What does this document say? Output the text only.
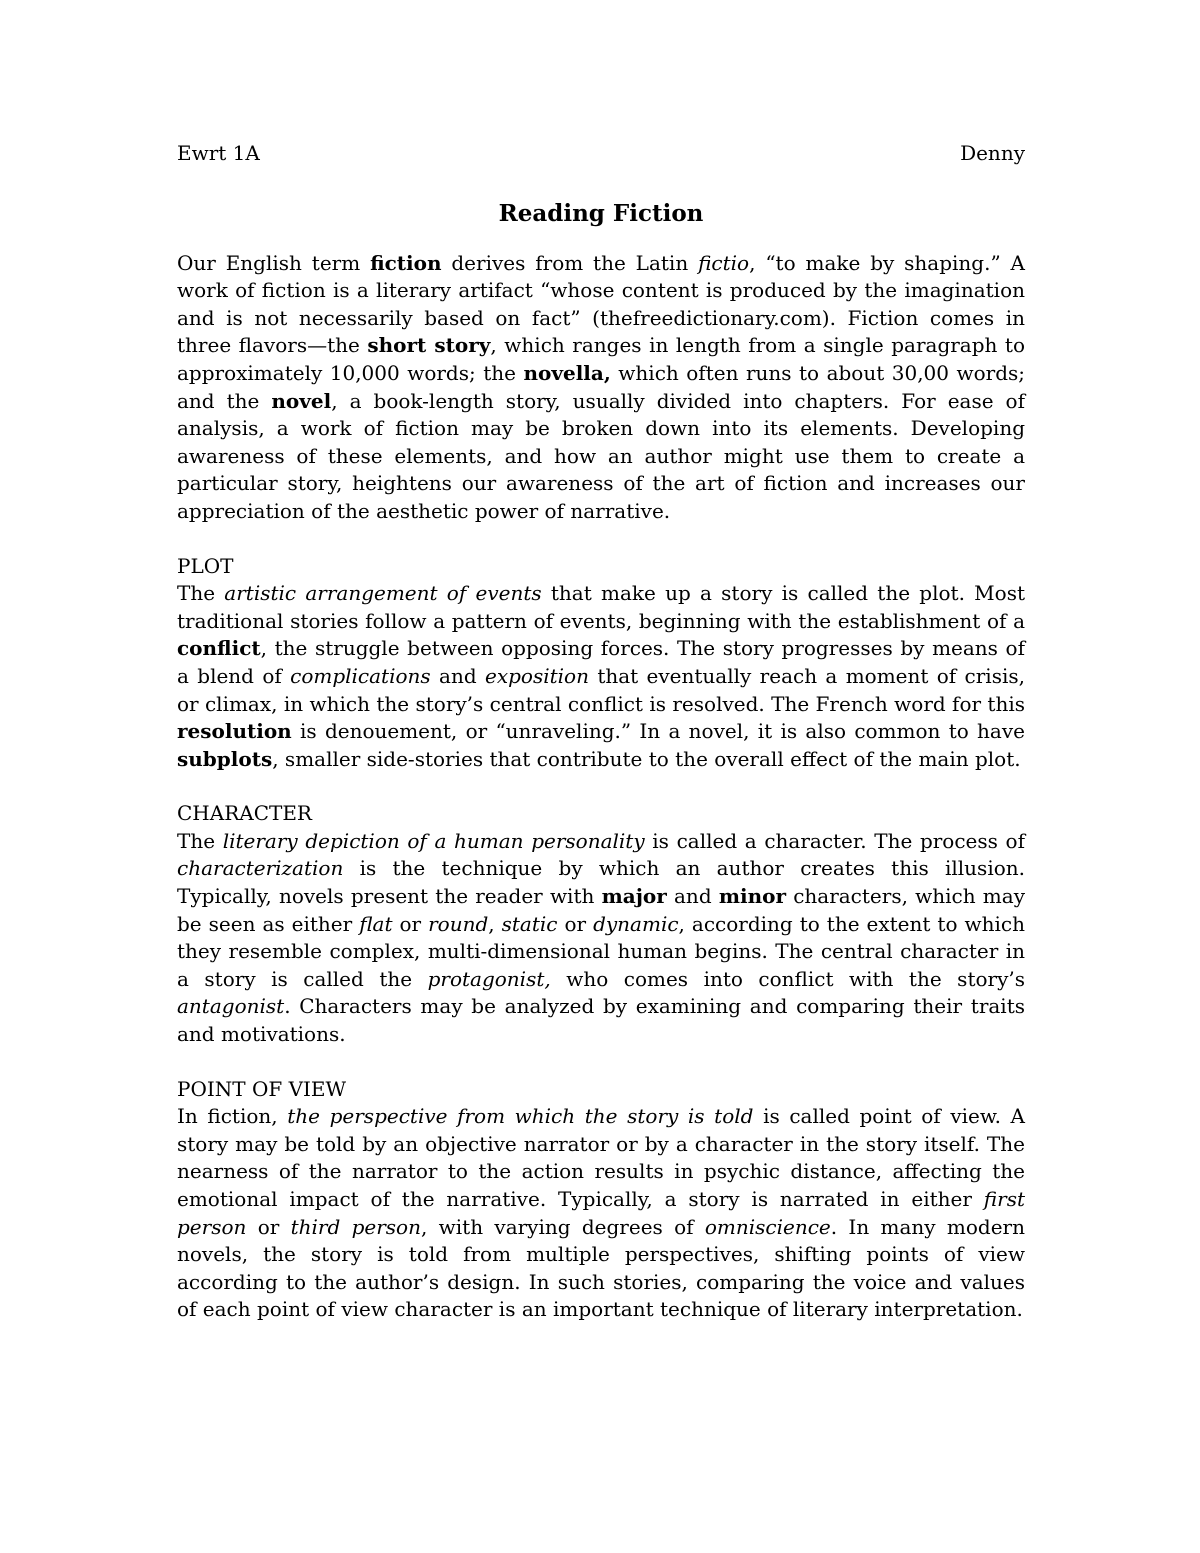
Ewrt 1A	Denny
Reading Fiction

Our English term fiction derives from the Latin fictio, “to make by shaping.” A work of fiction is a literary artifact “whose content is produced by the imagination and is not necessarily based on fact” (thefreedictionary.com). Fiction comes in three flavors—the short story, which ranges in length from a single paragraph to approximately 10,000 words; the novella, which often runs to about 30,00 words; and the novel, a book-length story, usually divided into chapters. For ease of analysis, a work of fiction may be broken down into its elements. Developing awareness of these elements, and how an author might use them to create a particular story, heightens our awareness of the art of fiction and increases our appreciation of the aesthetic power of narrative.

PLOT

The artistic arrangement of events that make up a story is called the plot. Most traditional stories follow a pattern of events, beginning with the establishment of a conflict, the struggle between opposing forces. The story progresses by means of a blend of complications and exposition that eventually reach a moment of crisis, or climax, in which the story’s central conflict is resolved. The French word for this resolution is denouement, or “unraveling.” In a novel, it is also common to have subplots, smaller side-stories that contribute to the overall effect of the main plot.

CHARACTER

The literary depiction of a human personality is called a character. The process of characterization is the technique by which an author creates this illusion. Typically, novels present the reader with major and minor characters, which may be seen as either flat or round, static or dynamic, according to the extent to which they resemble complex, multi-dimensional human begins. The central character in a story is called the protagonist, who comes into conflict with the story’s antagonist. Characters may be analyzed by examining and comparing their traits and motivations.

POINT OF VIEW

In fiction, the perspective from which the story is told is called point of view. A story may be told by an objective narrator or by a character in the story itself. The nearness of the narrator to the action results in psychic distance, affecting the emotional impact of the narrative. Typically, a story is narrated in either first person or third person, with varying degrees of omniscience. In many modern novels, the story is told from multiple perspectives, shifting points of view according to the author’s design. In such stories, comparing the voice and values of each point of view character is an important technique of literary interpretation.
